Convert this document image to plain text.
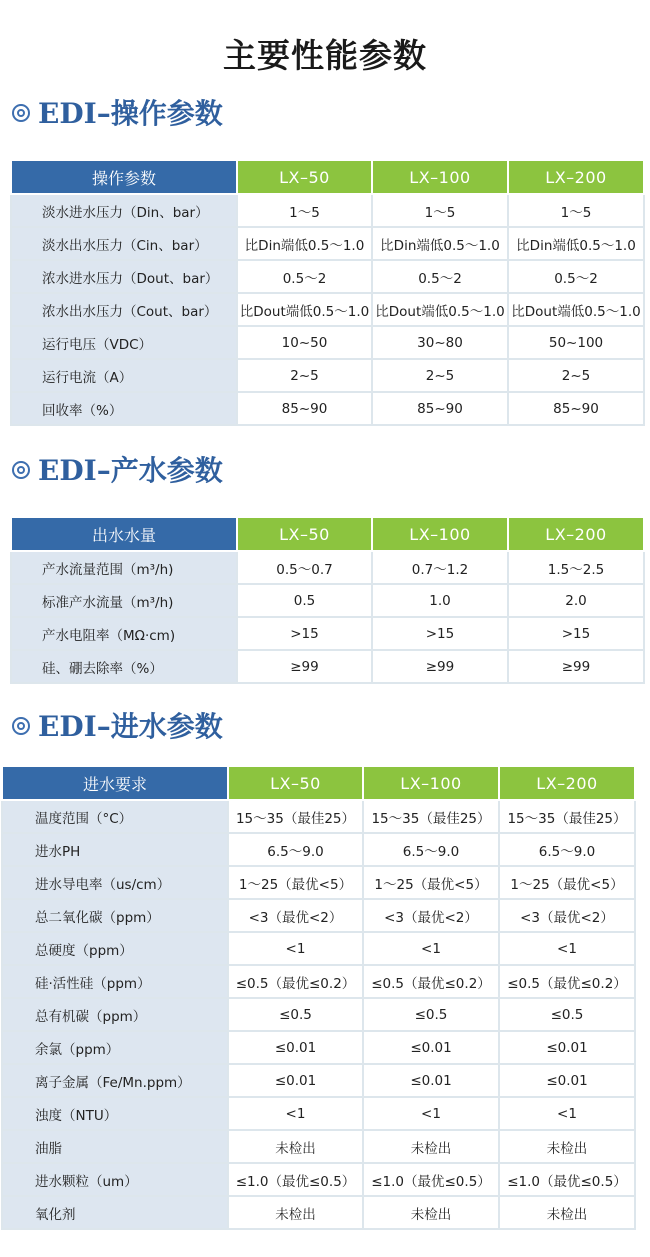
主要性能参数
EDI–操作参数
操作参数	LX–50	LX–100	LX–200
淡水进水压力（Din、bar）	1～5	1～5	1～5
淡水出水压力（Cin、bar）	比Din端低0.5～1.0	比Din端低0.5～1.0	比Din端低0.5～1.0
浓水进水压力（Dout、bar）	0.5～2	0.5～2	0.5～2
浓水出水压力（Cout、bar）	比Dout端低0.5～1.0	比Dout端低0.5～1.0	比Dout端低0.5～1.0
运行电压（VDC）	10~50	30~80	50~100
运行电流（A）	2~5	2~5	2~5
回收率（%）	85~90	85~90	85~90
EDI–产水参数
出水水量	LX–50	LX–100	LX–200
产水流量范围（m³/h)	0.5～0.7	0.7～1.2	1.5～2.5
标准产水流量（m³/h)	0.5	1.0	2.0
产水电阻率（MΩ·cm)	>15	>15	>15
硅、硼去除率（%）	≥99	≥99	≥99
EDI–进水参数
进水要求	LX–50	LX–100	LX–200
温度范围（°C）	15～35（最佳25）	15～35（最佳25）	15～35（最佳25）
进水PH	6.5～9.0	6.5～9.0	6.5～9.0
进水导电率（us/cm）	1～25（最优<5）	1～25（最优<5）	1～25（最优<5）
总二氧化碳（ppm）	<3（最优<2）	<3（最优<2）	<3（最优<2）
总硬度（ppm）	<1	<1	<1
硅·活性硅（ppm）	≤0.5（最优≤0.2）	≤0.5（最优≤0.2）	≤0.5（最优≤0.2）
总有机碳（ppm）	≤0.5	≤0.5	≤0.5
余氯（ppm）	≤0.01	≤0.01	≤0.01
离子金属（Fe/Mn.ppm）	≤0.01	≤0.01	≤0.01
浊度（NTU）	<1	<1	<1
油脂	未检出	未检出	未检出
进水颗粒（um）	≤1.0（最优≤0.5）	≤1.0（最优≤0.5）	≤1.0（最优≤0.5）
氧化剂	未检出	未检出	未检出
